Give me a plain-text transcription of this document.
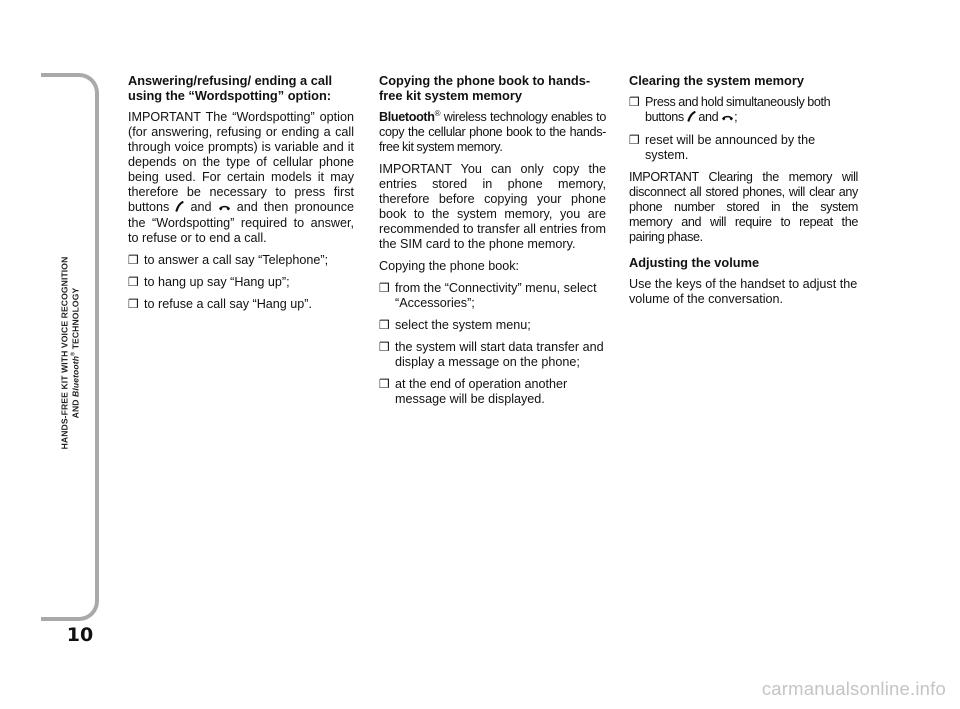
HANDS-FREE KIT WITH VOICE RECOGNITION AND Bluetooth® TECHNOLOGY
10
Answering/refusing/ ending a call using the “Wordspotting” option:

IMPORTANT The “Wordspotting” option (for answering, refusing or ending a call through voice prompts) is variable and it depends on the type of cellular phone being used. For certain models it may therefore be necessary to press first buttons and and then pronounce the “Wordspotting” required to answer, to refuse or to end a call.

❒ to answer a call say “Telephone”;
❒ to hang up say “Hang up”;
❒ to refuse a call say “Hang up”.
Copying the phone book to hands-free kit system memory

Bluetooth® wireless technology enables to copy the cellular phone book to the hands-free kit system memory.

IMPORTANT You can only copy the entries stored in phone memory, therefore before copying your phone book to the system memory, you are recommended to transfer all entries from the SIM card to the phone memory.

Copying the phone book:

❒ from the “Connectivity” menu, select “Accessories”;
❒ select the system menu;
❒ the system will start data transfer and display a message on the phone;
❒ at the end of operation another message will be displayed.
Clearing the system memory
❒ Press and hold simultaneously both buttons and ;
❒ reset will be announced by the system.

IMPORTANT Clearing the memory will disconnect all stored phones, will clear any phone number stored in the system memory and will require to repeat the pairing phase.

Adjusting the volume

Use the keys of the handset to adjust the volume of the conversation.

carmanualsonline.info
